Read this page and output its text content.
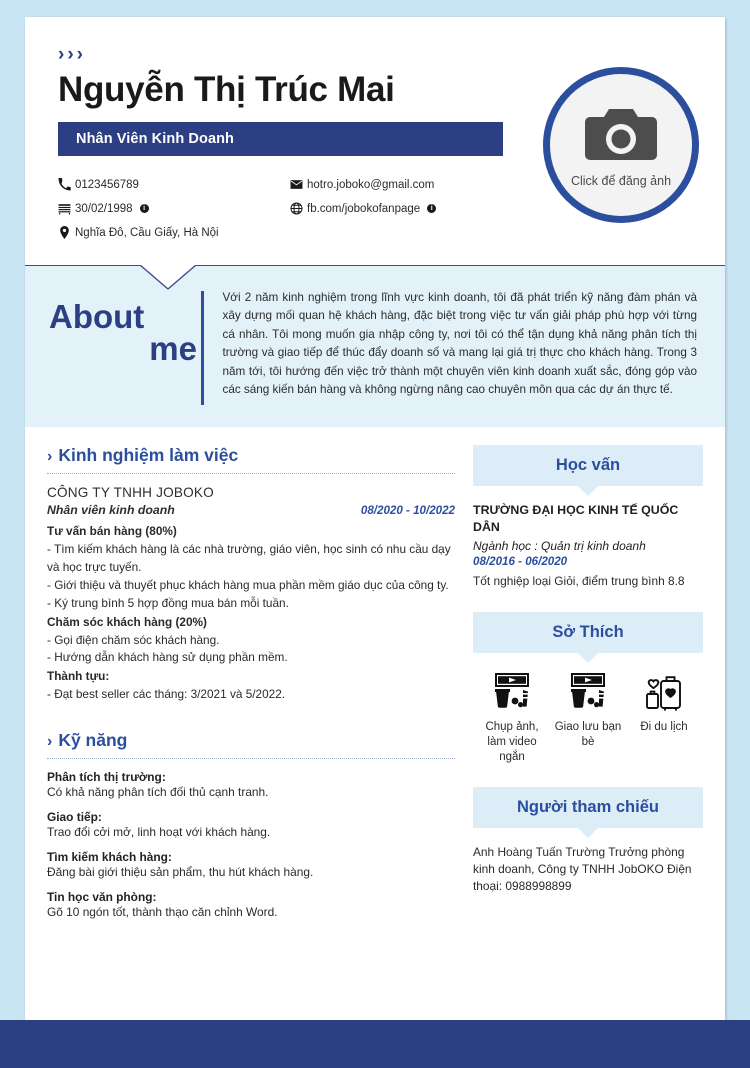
›››
Nguyễn Thị Trúc Mai
Nhân Viên Kinh Doanh
0123456789	hotro.joboko@gmail.com
30/02/1998	i	fb.com/jobokofanpage	i
Nghĩa Đô, Cầu Giấy, Hà Nội
Click để đăng ảnh
About
me
Với 2 năm kinh nghiệm trong lĩnh vực kinh doanh, tôi đã phát triển kỹ năng đàm phán và xây dựng mối quan hệ khách hàng, đặc biệt trong việc tư vấn giải pháp phù hợp với từng cá nhân. Tôi mong muốn gia nhập công ty, nơi tôi có thể tận dụng khả năng phân tích thị trường và giao tiếp để thúc đẩy doanh số và mang lại giá trị thực cho khách hàng. Trong 3 năm tới, tôi hướng đến việc trở thành một chuyên viên kinh doanh xuất sắc, đóng góp vào các sáng kiến bán hàng và không ngừng nâng cao chuyên môn qua các dự án thực tế.
› Kinh nghiệm làm việc
CÔNG TY TNHH JOBOKO
Nhân viên kinh doanh	08/2020 - 10/2022
Tư vấn bán hàng (80%)
- Tìm kiếm khách hàng là các nhà trường, giáo viên, học sinh có nhu cầu dạy và học trực tuyến.
- Giới thiệu và thuyết phục khách hàng mua phần mềm giáo dục của công ty.
- Ký trung bình 5 hợp đồng mua bán mỗi tuần.
Chăm sóc khách hàng (20%)
- Gọi điện chăm sóc khách hàng.
- Hướng dẫn khách hàng sử dụng phần mềm.
Thành tựu:
- Đạt best seller các tháng: 3/2021 và 5/2022.
› Kỹ năng
Phân tích thị trường:
Có khả năng phân tích đối thủ cạnh tranh.
Giao tiếp:
Trao đổi cởi mở, linh hoạt với khách hàng.
Tìm kiếm khách hàng:
Đăng bài giới thiệu sản phẩm, thu hút khách hàng.
Tin học văn phòng:
Gõ 10 ngón tốt, thành thạo căn chỉnh Word.
Học vấn
TRƯỜNG ĐẠI HỌC KINH TẾ QUỐC DÂN
Ngành học : Quản trị kinh doanh
08/2016 - 06/2020
Tốt nghiệp loại Giỏi, điểm trung bình 8.8
Sở Thích
Chụp ảnh, làm video ngắn
Giao lưu bạn bè
Đi du lịch
Người tham chiếu
Anh Hoàng Tuấn Trường Trưởng phòng kinh doanh, Công ty TNHH JobOKO Điện thoại: 0988998899
